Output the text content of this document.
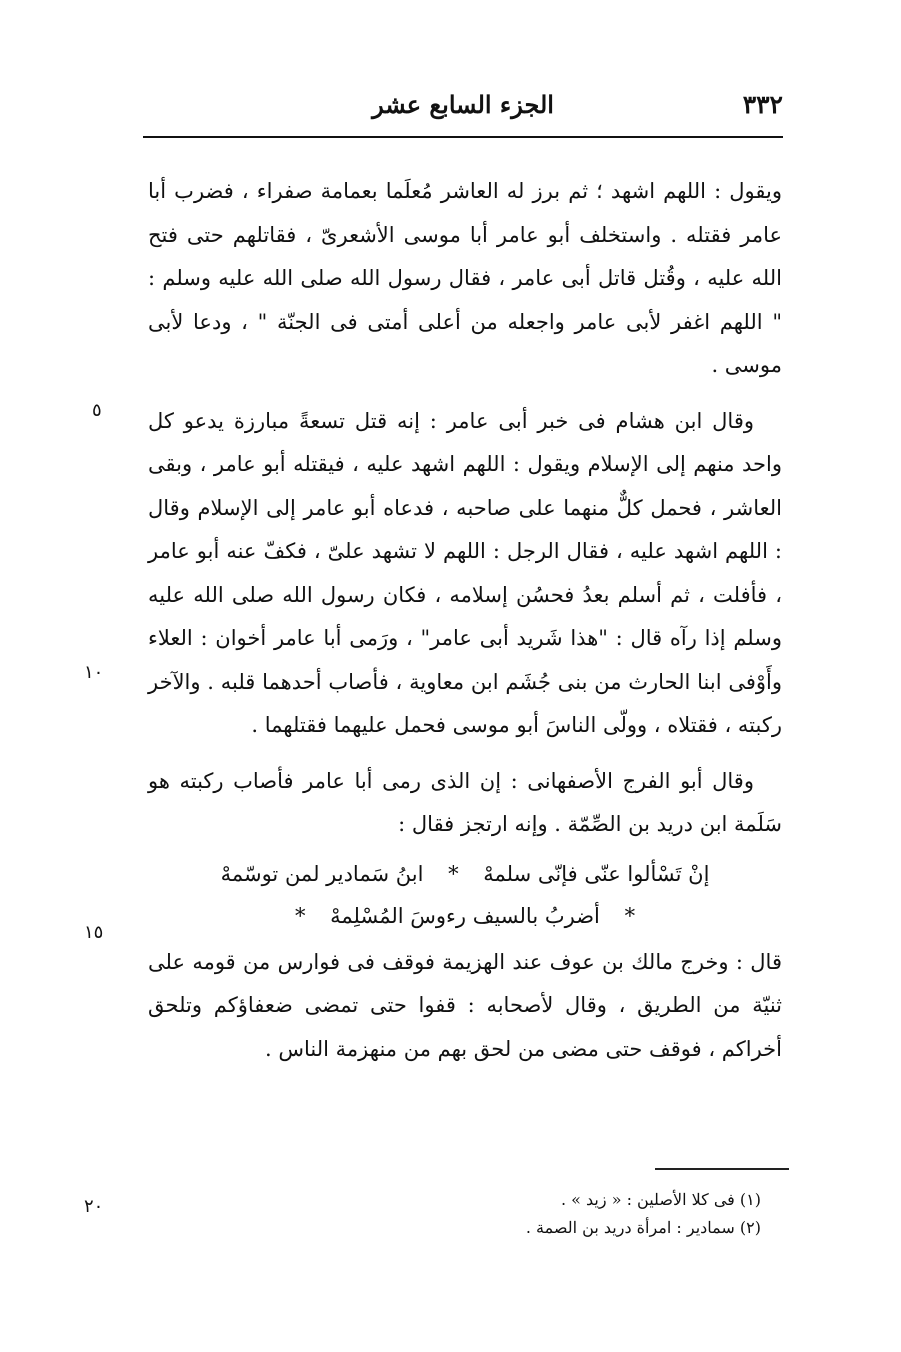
٣٣٢
الجزء السابع عشر

ويقول : اللهم اشهد ؛ ثم برز له العاشر مُعلَما بعمامة صفراء ، فضرب أبا عامر فقتله . واستخلف أبو عامر أبا موسى الأشعرىّ ، فقاتلهم حتى فتح الله عليه ، وقُتل قاتل أبى عامر ، فقال رسول الله صلى الله عليه وسلم : " اللهم اغفر لأبى عامر واجعله من أعلى أمتى فى الجنّة " ، ودعا لأبى موسى .

وقال ابن هشام فى خبر أبى عامر : إنه قتل تسعةً مبارزة يدعو كل واحد منهم إلى الإسلام ويقول : اللهم اشهد عليه ، فيقتله أبو عامر ، وبقى العاشر ، فحمل كلٌّ منهما على صاحبه ، فدعاه أبو عامر إلى الإسلام وقال : اللهم اشهد عليه ، فقال الرجل : اللهم لا تشهد علىّ ، فكفّ عنه أبو عامر ، فأفلت ، ثم أسلم بعدُ فحسُن إسلامه ، فكان رسول الله صلى الله عليه وسلم إذا رآه قال : "هذا شَريد أبى عامر" ، ورَمى أبا عامر أخوان : العلاء وأَوْفى ابنا الحارث من بنى جُشَم ابن معاوية ، فأصاب أحدهما قلبه . والآخر ركبته ، فقتلاه ، وولّى الناسَ أبو موسى فحمل عليهما فقتلهما .

وقال أبو الفرج الأصفهانى : إن الذى رمى أبا عامر فأصاب ركبته هو سَلَمة ابن دريد بن الصِّمّة . وإنه ارتجز فقال :

إنْ تَسْألوا عنّى فإنّى سلمهْ * ابنُ سَمادير لمن توسّمهْ
* أضربُ بالسيف رءوسَ المُسْلِمهْ *

قال : وخرج مالك بن عوف عند الهزيمة فوقف فى فوارس من قومه على ثنيّة من الطريق ، وقال لأصحابه : قفوا حتى تمضى ضعفاؤكم وتلحق أخراكم ، فوقف حتى مضى من لحق بهم من منهزمة الناس .

٥
١٠
١٥
٢٠	(١) فى كلا الأصلين : « زيد » .

(٢) سمادير : امرأة دريد بن الصمة .
